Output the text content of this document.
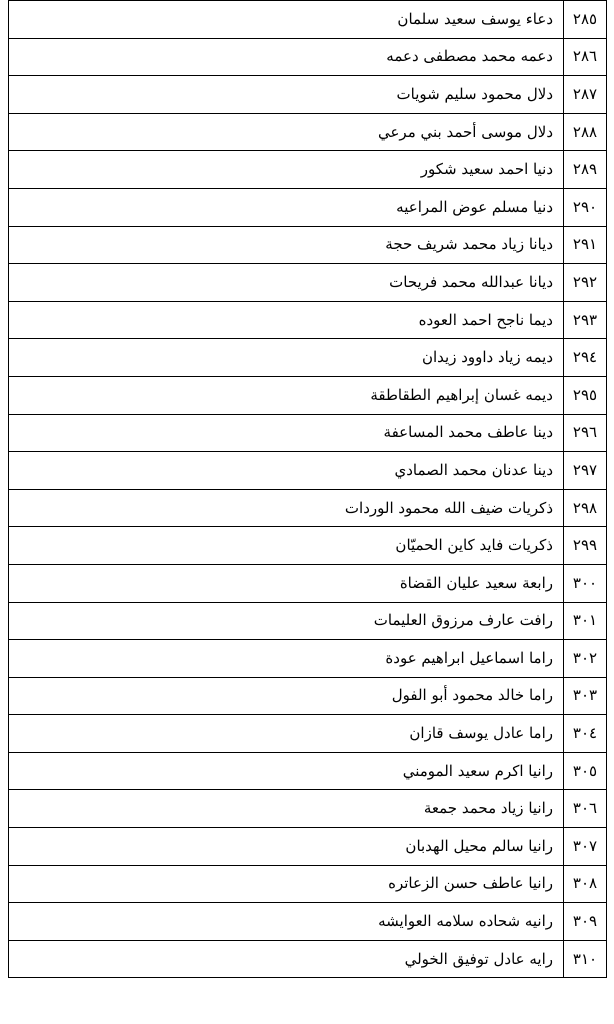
٢٨٥	دعاء يوسف سعيد سلمان
٢٨٦	دعمه محمد مصطفى دعمه
٢٨٧	دلال محمود سليم شويات
٢٨٨	دلال موسى أحمد بني مرعي
٢٨٩	دنيا احمد سعيد شكور
٢٩٠	دنيا مسلم عوض المراعيه
٢٩١	ديانا زياد محمد شريف حجة
٢٩٢	ديانا عبدالله محمد فريحات
٢٩٣	ديما ناجح احمد العوده
٢٩٤	ديمه زياد داوود زيدان
٢٩٥	ديمه غسان إبراهيم الطقاطقة
٢٩٦	دينا عاطف محمد المساعفة
٢٩٧	دينا عدنان محمد الصمادي
٢٩٨	ذكريات ضيف الله محمود الوردات
٢٩٩	ذكريات فايد كاين الحميّان
٣٠٠	رابعة سعيد عليان القضاة
٣٠١	رافت عارف مرزوق العليمات
٣٠٢	راما اسماعيل ابراهيم عودة
٣٠٣	راما خالد محمود أبو الفول
٣٠٤	راما عادل يوسف قازان
٣٠٥	رانيا اكرم سعيد المومني
٣٠٦	رانيا زياد محمد جمعة
٣٠٧	رانيا سالم محيل الهدبان
٣٠٨	رانيا عاطف حسن الزعاتره
٣٠٩	رانيه شحاده سلامه العوايشه
٣١٠	رايه عادل توفيق الخولي
